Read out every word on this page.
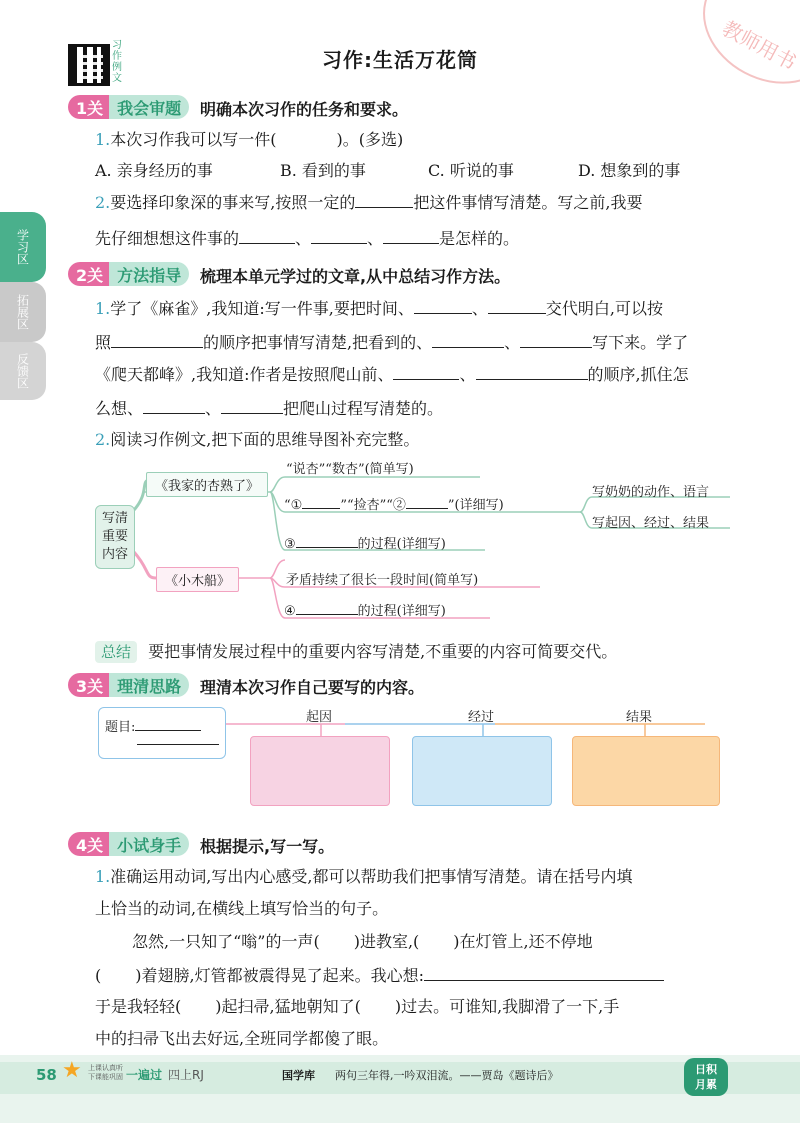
习作例文
习作:生活万花筒	教师用书
学习区
拓展区
反馈区
1关 我会审题	明确本次习作的任务和要求。
1.本次习作我可以写一件(	)。(多选)
A. 亲身经历的事	B. 看到的事	C. 听说的事	D. 想象到的事
2.要选择印象深的事来写,按照一定的	把这件事情写清楚。写之前,我要
先仔细想想这件事的	、	、	是怎样的。
2关 方法指导	梳理本单元学过的文章,从中总结习作方法。
1.学了《麻雀》,我知道:写一件事,要把时间、	、	交代明白,可以按
照	的顺序把事情写清楚,把看到的、	、	写下来。学了
《爬天都峰》,我知道:作者是按照爬山前、	、	的顺序,抓住怎
么想、	、	把爬山过程写清楚的。
2.阅读习作例文,把下面的思维导图补充完整。
写清重要内容
《我家的杏熟了》
“说杏”“数杏”(简单写)
“①	”“捡杏”“②	”(详细写)
写奶奶的动作、语言
写起因、经过、结果
③	的过程(详细写)
《小木船》	矛盾持续了很长一段时间(简单写)
④	的过程(详细写)
总结 要把事情发展过程中的重要内容写清楚,不重要的内容可简要交代。
3关 理清思路	理清本次习作自己要写的内容。
起因	经过	结果
题目:
4关 小试身手	根据提示,写一写。
1.准确运用动词,写出内心感受,都可以帮助我们把事情写清楚。请在括号内填
上恰当的动词,在横线上填写恰当的句子。
忽然,一只知了“嗡”的一声( )进教室,( )在灯管上,还不停地
( )着翅膀,灯管都被震得晃了起来。我心想:
于是我轻轻( )起扫帚,猛地朝知了( )过去。可谁知,我脚滑了一下,手
中的扫帚飞出去好远,全班同学都傻了眼。
58 ★ 上课认真听
下课能巩固 一遍过 四上RJ	国学库 两句三年得,一吟双泪流。——贾岛《题诗后》	日积
月累
